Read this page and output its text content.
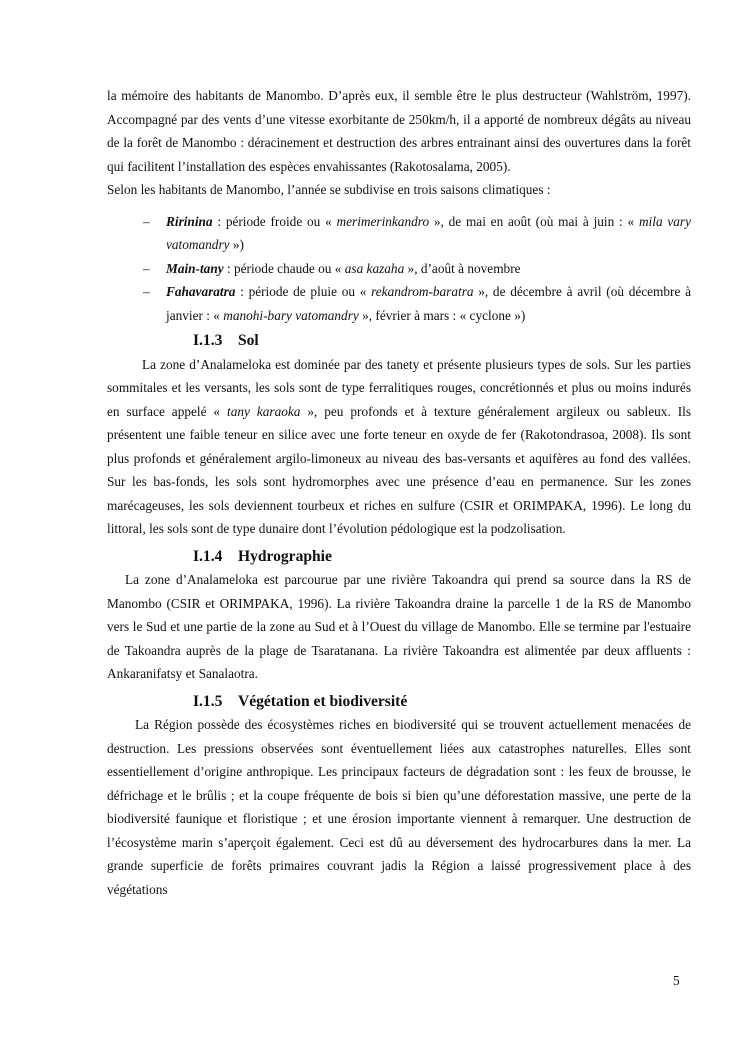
la mémoire des habitants de Manombo. D’après eux, il semble être le plus destructeur (Wahlström, 1997). Accompagné par des vents d’une vitesse exorbitante de 250km/h, il a apporté de nombreux dégâts au niveau de la forêt de Manombo : déracinement et destruction des arbres entrainant ainsi des ouvertures dans la forêt qui facilitent l’installation des espèces envahissantes (Rakotosalama, 2005).

Selon les habitants de Manombo, l’année se subdivise en trois saisons climatiques :

– Ririnina : période froide ou « merimerinkandro », de mai en août (où mai à juin : « mila vary vatomandry »)
– Main-tany : période chaude ou « asa kazaha », d’août à novembre
– Fahavaratra : période de pluie ou « rekandrom-baratra », de décembre à avril (où décembre à janvier : « manohi-bary vatomandry », février à mars : « cyclone »)
I.1.3 Sol

La zone d’Analameloka est dominée par des tanety et présente plusieurs types de sols. Sur les parties sommitales et les versants, les sols sont de type ferralitiques rouges, concrétionnés et plus ou moins indurés en surface appelé « tany karaoka », peu profonds et à texture généralement argileux ou sableux. Ils présentent une faible teneur en silice avec une forte teneur en oxyde de fer (Rakotondrasoa, 2008). Ils sont plus profonds et généralement argilo-limoneux au niveau des bas-versants et aquifères au fond des vallées. Sur les bas-fonds, les sols sont hydromorphes avec une présence d’eau en permanence. Sur les zones marécageuses, les sols deviennent tourbeux et riches en sulfure (CSIR et ORIMPAKA, 1996). Le long du littoral, les sols sont de type dunaire dont l’évolution pédologique est la podzolisation.

I.1.4 Hydrographie

La zone d’Analameloka est parcourue par une rivière Takoandra qui prend sa source dans la RS de Manombo (CSIR et ORIMPAKA, 1996). La rivière Takoandra draine la parcelle 1 de la RS de Manombo vers le Sud et une partie de la zone au Sud et à l’Ouest du village de Manombo. Elle se termine par l'estuaire de Takoandra auprès de la plage de Tsaratanana. La rivière Takoandra est alimentée par deux affluents : Ankaranifatsy et Sanalaotra.

I.1.5 Végétation et biodiversité

La Région possède des écosystèmes riches en biodiversité qui se trouvent actuellement menacées de destruction. Les pressions observées sont éventuellement liées aux catastrophes naturelles. Elles sont essentiellement d’origine anthropique. Les principaux facteurs de dégradation sont : les feux de brousse, le défrichage et le brûlis ; et la coupe fréquente de bois si bien qu’une déforestation massive, une perte de la biodiversité faunique et floristique ; et une érosion importante viennent à remarquer. Une destruction de l’écosystème marin s’aperçoit également. Ceci est dû au déversement des hydrocarbures dans la mer. La grande superficie de forêts primaires couvrant jadis la Région a laissé progressivement place à des végétations

5
